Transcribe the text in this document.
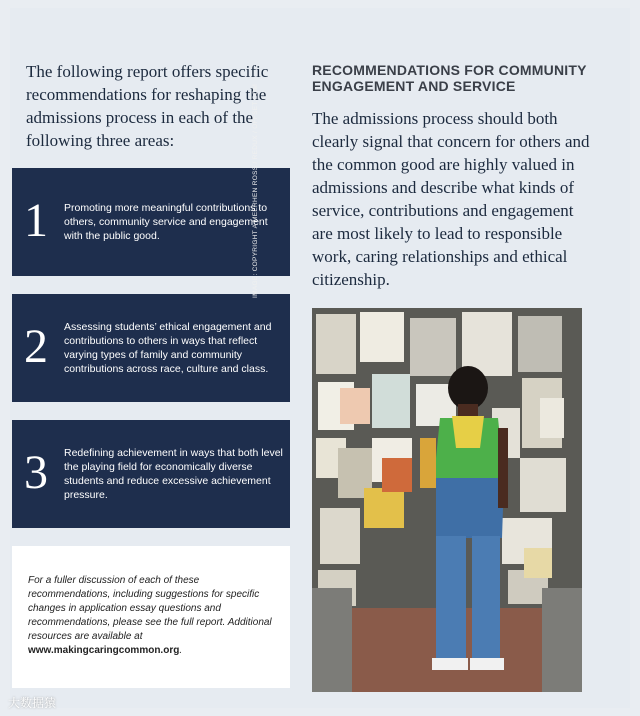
The following report offers specific recommendations for reshaping the admissions process in each of the following three areas:

1 Promoting more meaningful contributions to others, community service and engagement with the public good.

2 Assessing students’ ethical engagement and contributions to others in ways that reflect varying types of family and community contributions across race, culture and class.

3 Redefining achievement in ways that both level the playing field for economically diverse students and reduce excessive achievement pressure.

For a fuller discussion of each of these recommendations, including suggestions for specific changes in application essay questions and recommendations, please see the full report. Additional resources are available at www.makingcaringcommon.org.

RECOMMENDATIONS FOR COMMUNITY ENGAGEMENT AND SERVICE

The admissions process should both clearly signal that concern for others and the common good are highly valued in admissions and describe what kinds of service, contributions and engagement are most likely to lead to responsible work, caring relationships and ethical citizenship.

IMAGE: COPYRIGHT A MEERHEN ROSS / REDUX / OFFSET.COM
大数据猿
